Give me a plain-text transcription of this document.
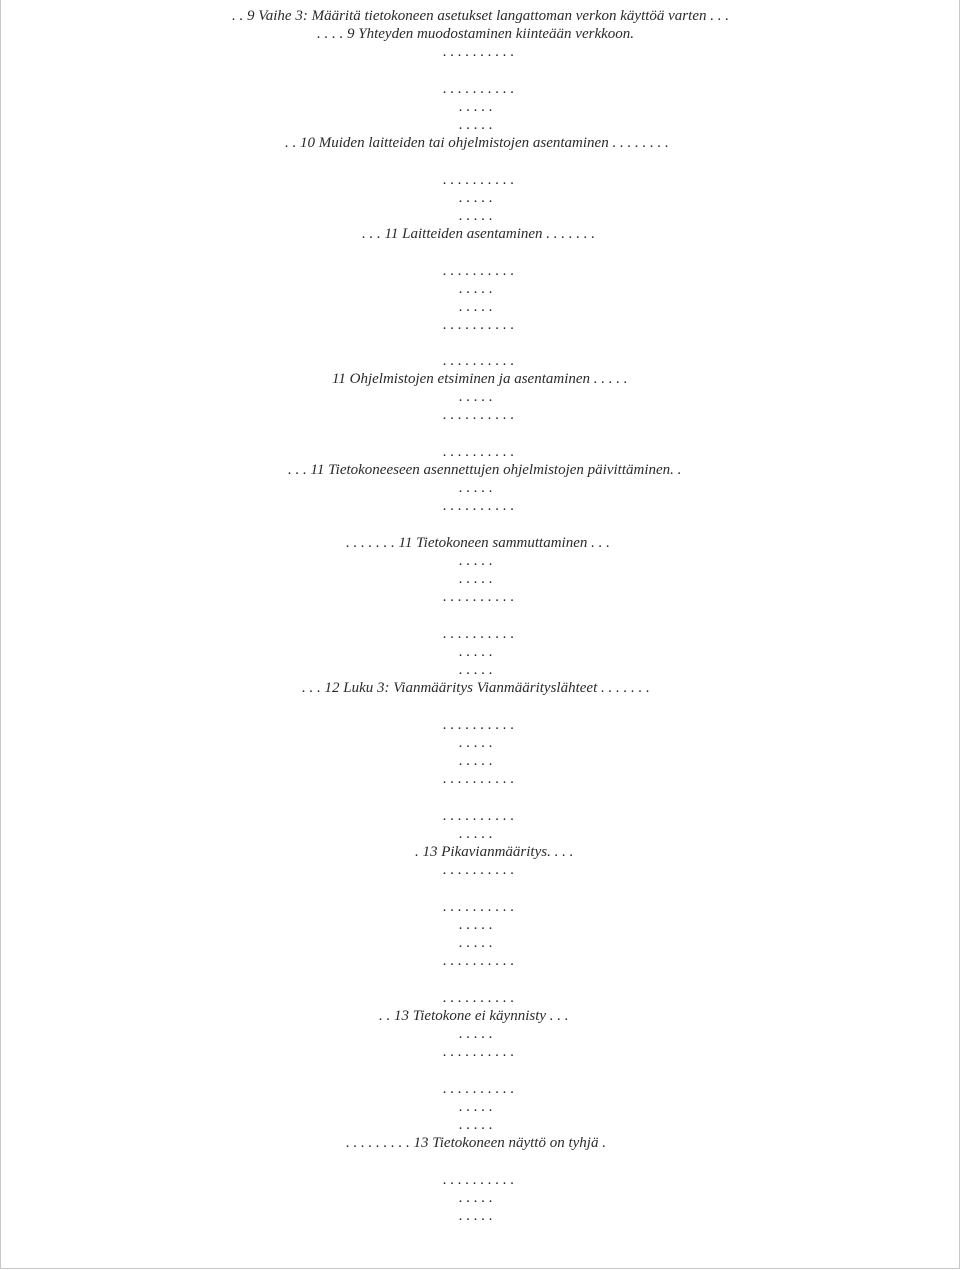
. . 9 Vaihe 3: Määritä tietokoneen asetukset langattoman verkon käyttöä varten . . .
. . . . 9 Yhteyden muodostaminen kiinteään verkkoon.
. . . . . . . . . .
. . . . . . . . . .
. . . . .
. . . . .
. . 10 Muiden laitteiden tai ohjelmistojen asentaminen . . . . . . . .
. . . . . . . . . .
. . . . .
. . . . .
. . . 11 Laitteiden asentaminen . . . . . . .
. . . . . . . . . .
. . . . .
. . . . .
. . . . . . . . . .
. . . . . . . . . .
11 Ohjelmistojen etsiminen ja asentaminen . . . . .
. . . . .
. . . . . . . . . .
. . . . . . . . . .
. . . 11 Tietokoneeseen asennettujen ohjelmistojen päivittäminen. .
. . . . .
. . . . . . . . . .
. . . . . . . 11 Tietokoneen sammuttaminen . . .
. . . . .
. . . . .
. . . . . . . . . .
. . . . . . . . . .
. . . . .
. . . . .
. . . 12 Luku 3: Vianmääritys Vianmäärityslähteet . . . . . . .
. . . . . . . . . .
. . . . .
. . . . .
. . . . . . . . . .
. . . . . . . . . .
. . . . .
. 13 Pikavianmääritys. . . .
. . . . . . . . . .
. . . . . . . . . .
. . . . .
. . . . .
. . . . . . . . . .
. . . . . . . . . .
. . 13 Tietokone ei käynnisty . . .
. . . . .
. . . . . . . . . .
. . . . . . . . . .
. . . . .
. . . . .
. . . . . . . . . 13 Tietokoneen näyttö on tyhjä .
. . . . . . . . . .
. . . . .
. . . . .
